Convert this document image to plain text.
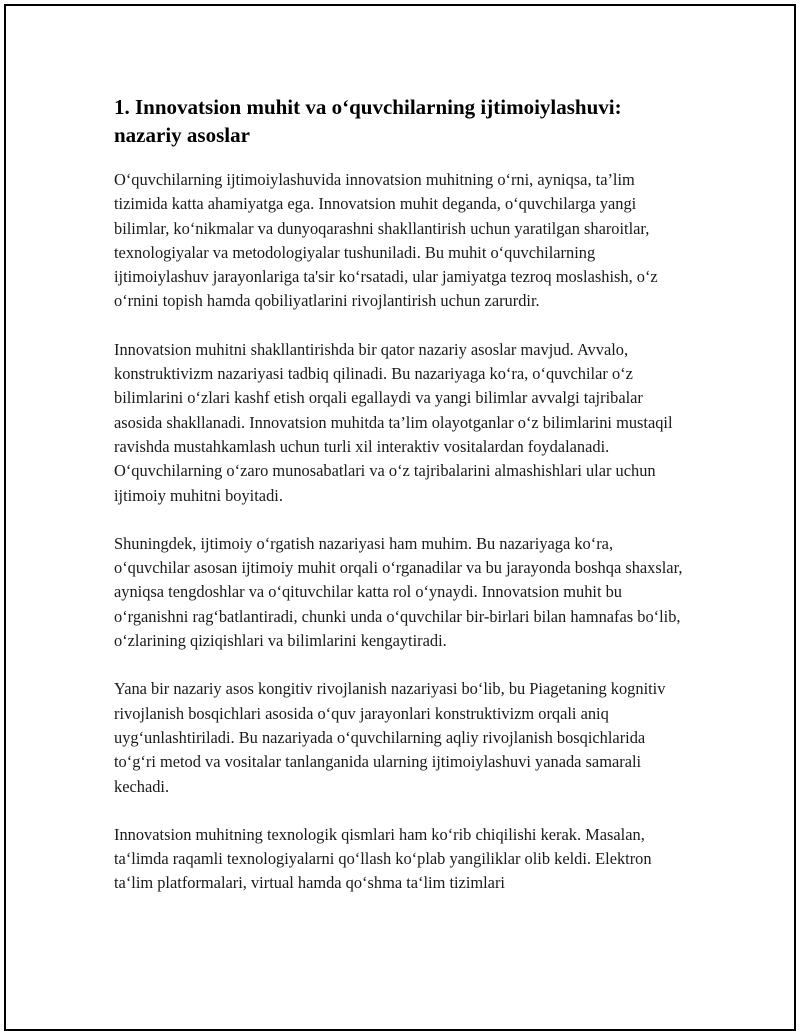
1. Innovatsion muhit va o‘quvchilarning ijtimoiylashuvi: nazariy asoslar

O‘quvchilarning ijtimoiylashuvida innovatsion muhitning o‘rni, ayniqsa, ta’lim tizimida katta ahamiyatga ega. Innovatsion muhit deganda, o‘quvchilarga yangi bilimlar, ko‘nikmalar va dunyoqarashni shakllantirish uchun yaratilgan sharoitlar, texnologiyalar va metodologiyalar tushuniladi. Bu muhit o‘quvchilarning ijtimoiylashuv jarayonlariga ta'sir ko‘rsatadi, ular jamiyatga tezroq moslashish, o‘z o‘rnini topish hamda qobiliyatlarini rivojlantirish uchun zarurdir.

Innovatsion muhitni shakllantirishda bir qator nazariy asoslar mavjud. Avvalo, konstruktivizm nazariyasi tadbiq qilinadi. Bu nazariyaga ko‘ra, o‘quvchilar o‘z bilimlarini o‘zlari kashf etish orqali egallaydi va yangi bilimlar avvalgi tajribalar asosida shakllanadi. Innovatsion muhitda ta’lim olayotganlar o‘z bilimlarini mustaqil ravishda mustahkamlash uchun turli xil interaktiv vositalardan foydalanadi. O‘quvchilarning o‘zaro munosabatlari va o‘z tajribalarini almashishlari ular uchun ijtimoiy muhitni boyitadi.

Shuningdek, ijtimoiy o‘rgatish nazariyasi ham muhim. Bu nazariyaga ko‘ra, o‘quvchilar asosan ijtimoiy muhit orqali o‘rganadilar va bu jarayonda boshqa shaxslar, ayniqsa tengdoshlar va o‘qituvchilar katta rol o‘ynaydi. Innovatsion muhit bu o‘rganishni rag‘batlantiradi, chunki unda o‘quvchilar bir-birlari bilan hamnafas bo‘lib, o‘zlarining qiziqishlari va bilimlarini kengaytiradi.

Yana bir nazariy asos kongitiv rivojlanish nazariyasi bo‘lib, bu Piagetaning kognitiv rivojlanish bosqichlari asosida o‘quv jarayonlari konstruktivizm orqali aniq uyg‘unlashtiriladi. Bu nazariyada o‘quvchilarning aqliy rivojlanish bosqichlarida to‘g‘ri metod va vositalar tanlanganida ularning ijtimoiylashuvi yanada samarali kechadi.

Innovatsion muhitning texnologik qismlari ham ko‘rib chiqilishi kerak. Masalan, ta‘limda raqamli texnologiyalarni qo‘llash ko‘plab yangiliklar olib keldi. Elektron ta‘lim platformalari, virtual hamda qo‘shma ta‘lim tizimlari
